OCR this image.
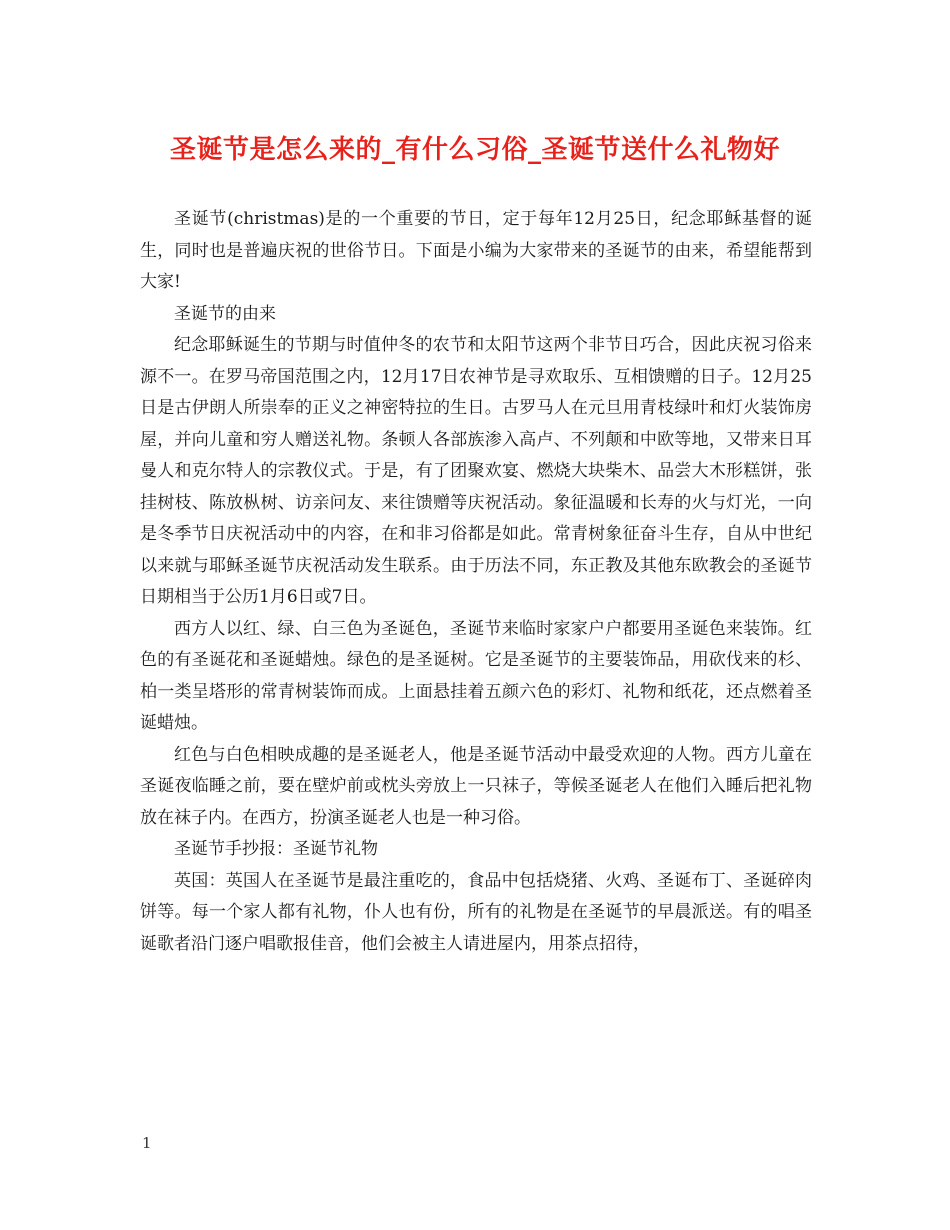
圣诞节是怎么来的_有什么习俗_圣诞节送什么礼物好

圣诞节(christmas)是的一个重要的节日，定于每年12月25日，纪念耶稣基督的诞生，同时也是普遍庆祝的世俗节日。下面是小编为大家带来的圣诞节的由来，希望能帮到大家!

圣诞节的由来

纪念耶稣诞生的节期与时值仲冬的农节和太阳节这两个非节日巧合，因此庆祝习俗来源不一。在罗马帝国范围之内，12月17日农神节是寻欢取乐、互相馈赠的日子。12月25日是古伊朗人所崇奉的正义之神密特拉的生日。古罗马人在元旦用青枝绿叶和灯火装饰房屋，并向儿童和穷人赠送礼物。条顿人各部族渗入高卢、不列颠和中欧等地，又带来日耳曼人和克尔特人的宗教仪式。于是，有了团聚欢宴、燃烧大块柴木、品尝大木形糕饼，张挂树枝、陈放枞树、访亲问友、来往馈赠等庆祝活动。象征温暖和长寿的火与灯光，一向是冬季节日庆祝活动中的内容，在和非习俗都是如此。常青树象征奋斗生存，自从中世纪以来就与耶稣圣诞节庆祝活动发生联系。由于历法不同，东正教及其他东欧教会的圣诞节日期相当于公历1月6日或7日。

西方人以红、绿、白三色为圣诞色，圣诞节来临时家家户户都要用圣诞色来装饰。红色的有圣诞花和圣诞蜡烛。绿色的是圣诞树。它是圣诞节的主要装饰品，用砍伐来的杉、柏一类呈塔形的常青树装饰而成。上面悬挂着五颜六色的彩灯、礼物和纸花，还点燃着圣诞蜡烛。

红色与白色相映成趣的是圣诞老人，他是圣诞节活动中最受欢迎的人物。西方儿童在圣诞夜临睡之前，要在壁炉前或枕头旁放上一只袜子，等候圣诞老人在他们入睡后把礼物放在袜子内。在西方，扮演圣诞老人也是一种习俗。

圣诞节手抄报：圣诞节礼物

英国：英国人在圣诞节是最注重吃的，食品中包括烧猪、火鸡、圣诞布丁、圣诞碎肉饼等。每一个家人都有礼物，仆人也有份，所有的礼物是在圣诞节的早晨派送。有的唱圣诞歌者沿门逐户唱歌报佳音，他们会被主人请进屋内，用茶点招待，

1
